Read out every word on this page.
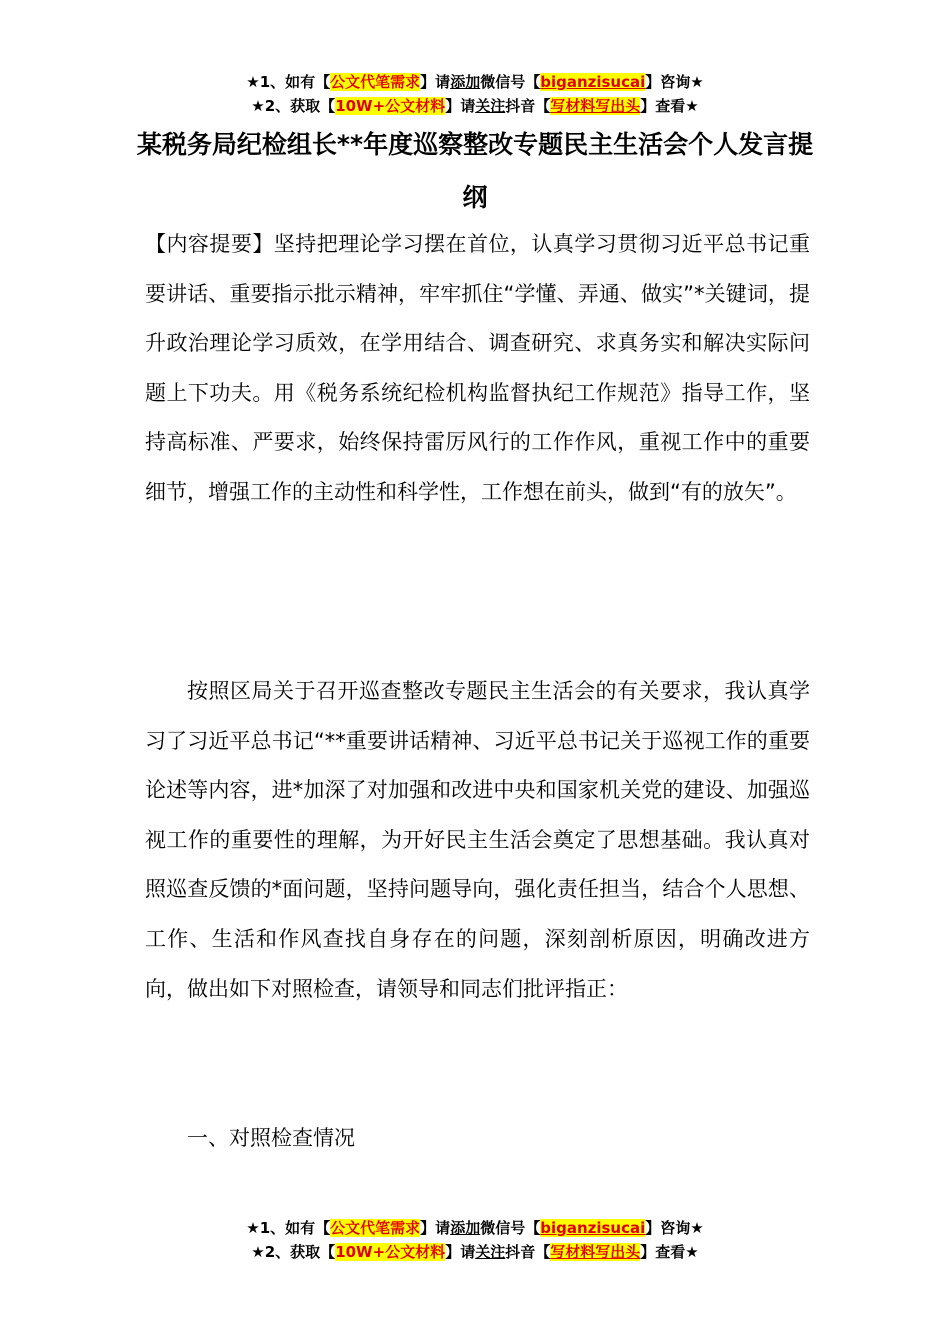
★1、如有【公文代笔需求】请添加微信号【biganzisucai】咨询★
★2、获取【10W+公文材料】请关注抖音【写材料写出头】查看★
某税务局纪检组长**年度巡察整改专题民主生活会个人发言提纲

【内容提要】坚持把理论学习摆在首位，认真学习贯彻习近平总书记重要讲话、重要指示批示精神，牢牢抓住“学懂、弄通、做实”*关键词，提升政治理论学习质效，在学用结合、调查研究、求真务实和解决实际问题上下功夫。用《税务系统纪检机构监督执纪工作规范》指导工作，坚持高标准、严要求，始终保持雷厉风行的工作作风，重视工作中的重要细节，增强工作的主动性和科学性，工作想在前头，做到“有的放矢”。

按照区局关于召开巡查整改专题民主生活会的有关要求，我认真学习了习近平总书记“**重要讲话精神、习近平总书记关于巡视工作的重要论述等内容，进*加深了对加强和改进中央和国家机关党的建设、加强巡视工作的重要性的理解，为开好民主生活会奠定了思想基础。我认真对照巡查反馈的*面问题，坚持问题导向，强化责任担当，结合个人思想、工作、生活和作风查找自身存在的问题，深刻剖析原因，明确改进方向，做出如下对照检查，请领导和同志们批评指正：

一、对照检查情况

★1、如有【公文代笔需求】请添加微信号【biganzisucai】咨询★
★2、获取【10W+公文材料】请关注抖音【写材料写出头】查看★
